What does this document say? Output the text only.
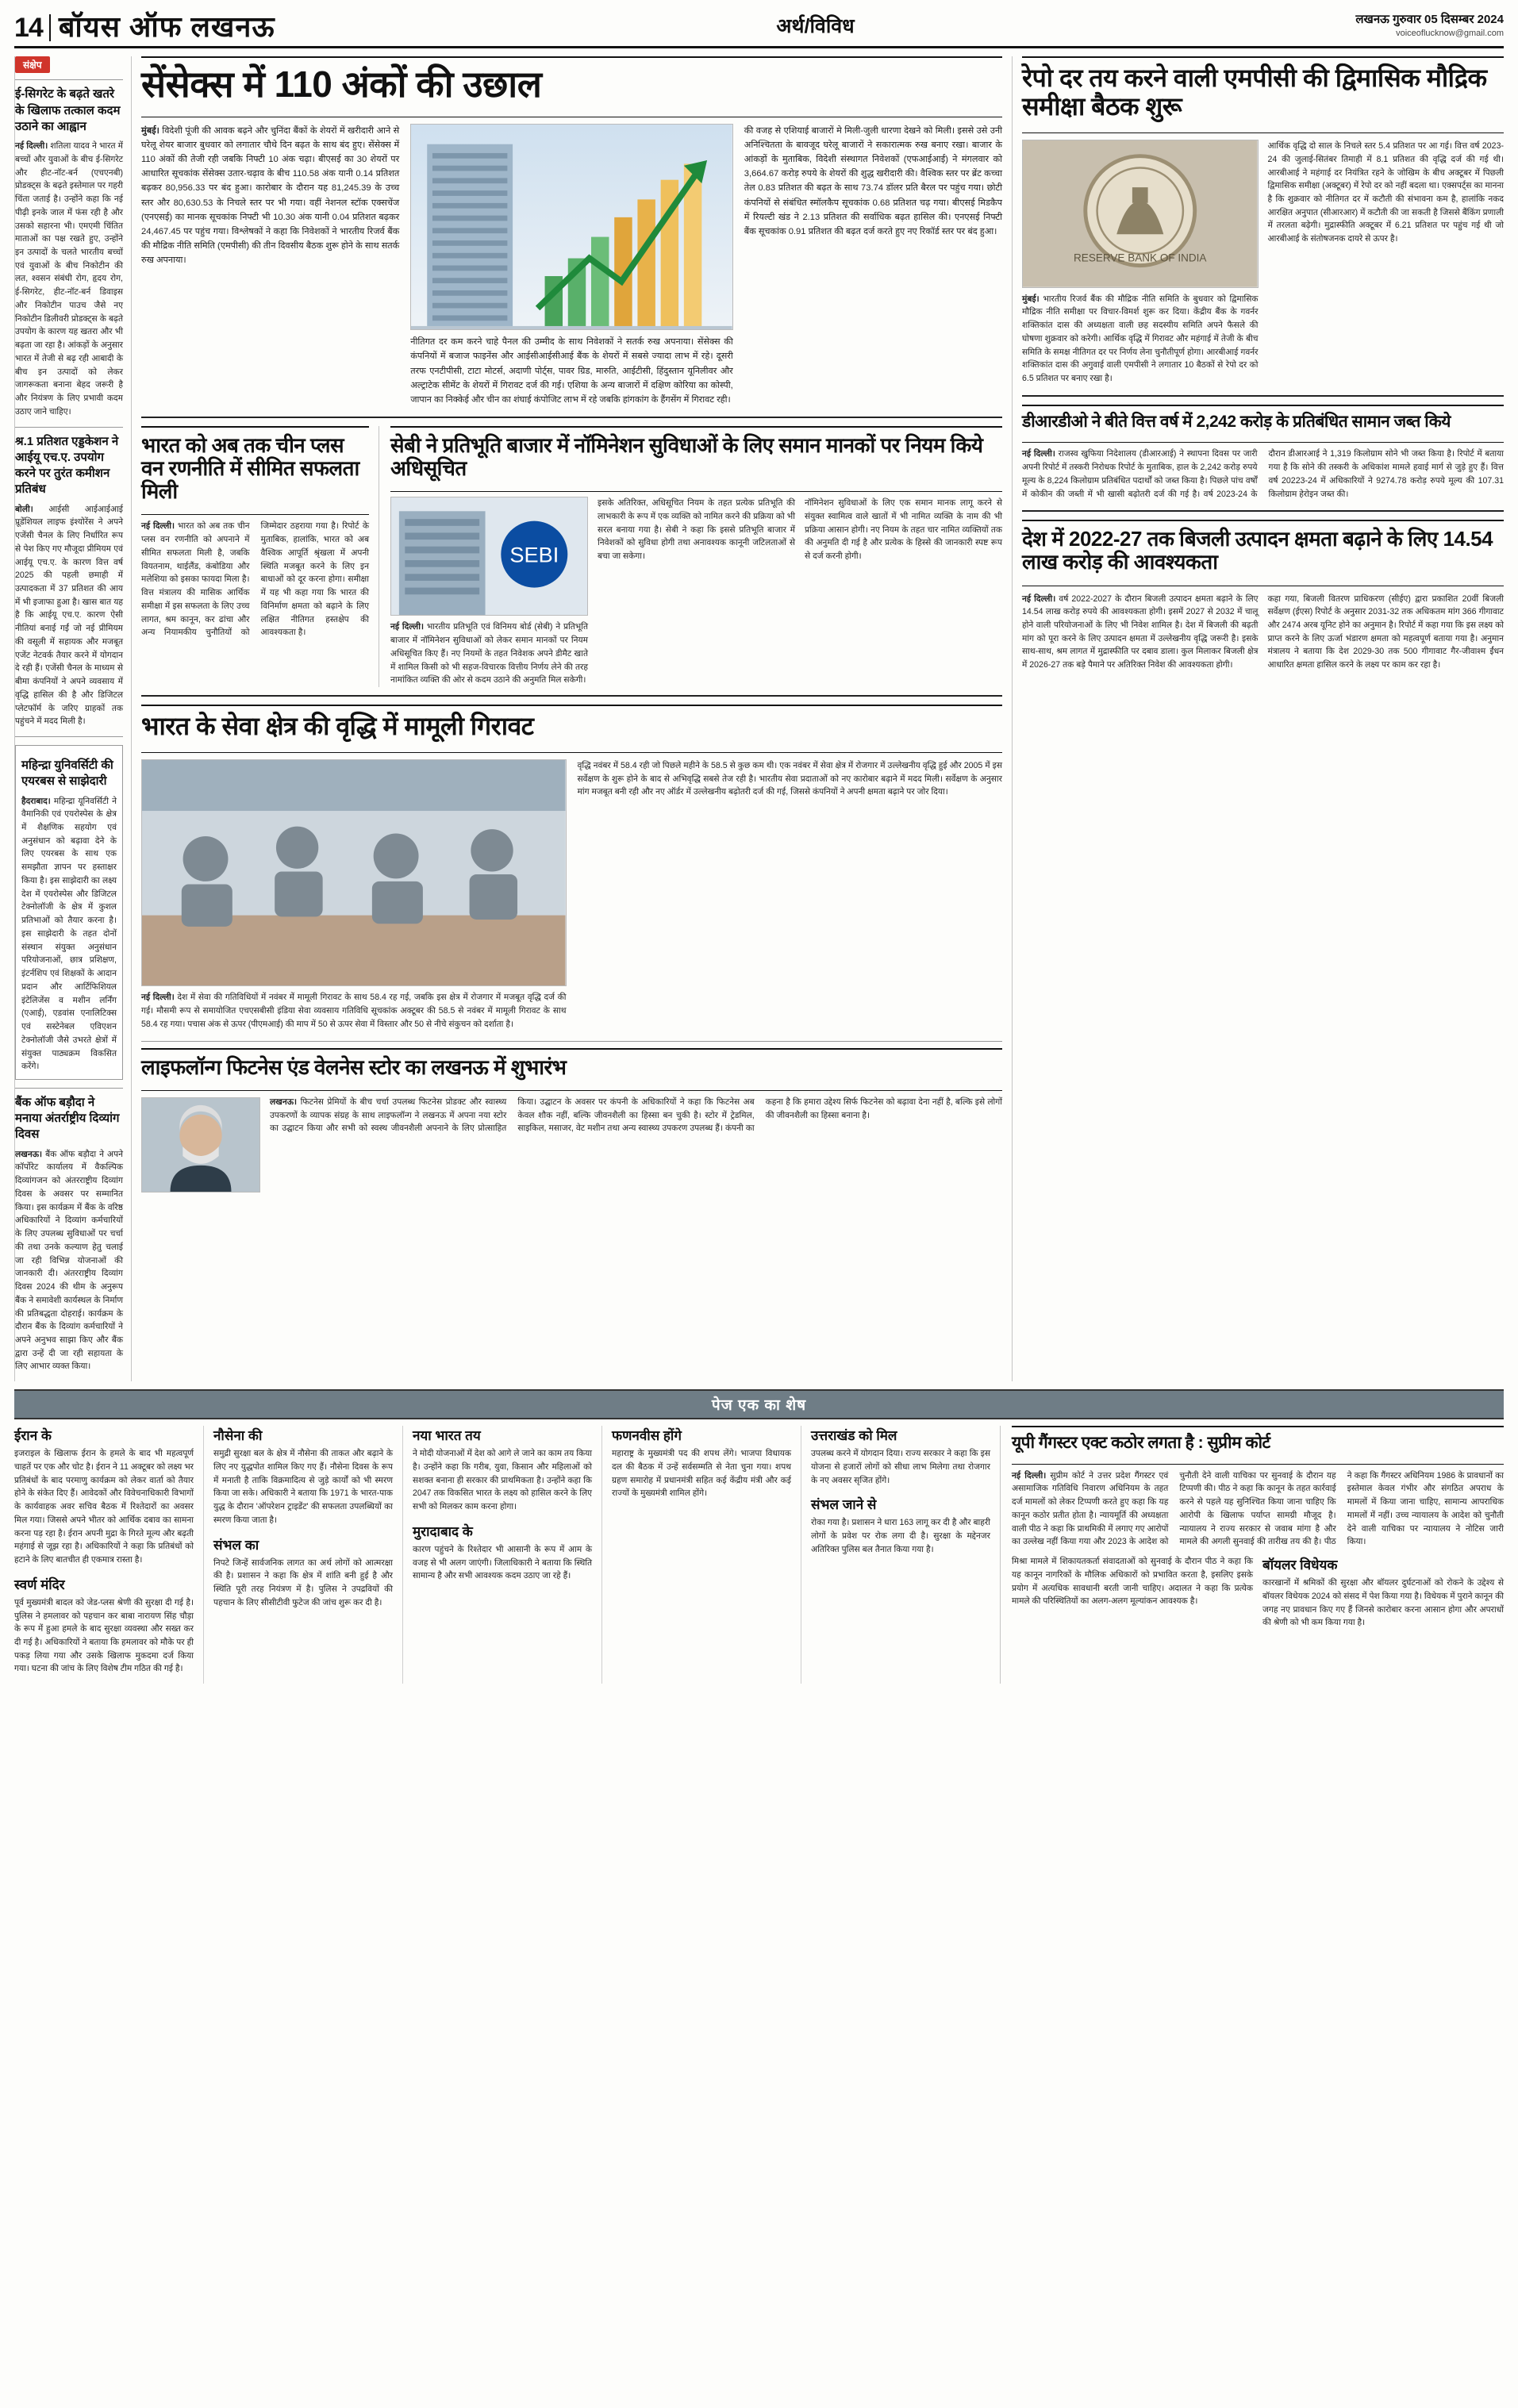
14 बॉयस ऑफ लखनऊ	अर्थ/विविध	लखनऊ गुरुवार 05 दिसम्बर 2024
voiceoflucknow@gmail.com
संक्षेप
ई-सिगरेट के बढ़ते खतरे के खिलाफ तत्काल कदम उठाने का आह्वान
नई दिल्ली। शतिला यादव ने भारत में बच्चों और युवाओं के बीच ई-सिगरेट और हीट-नॉट-बर्न (एचएनबी) प्रोडक्ट्स के बढ़ते इस्तेमाल पर गहरी चिंता जताई है। उन्होंने कहा कि नई पीढ़ी इनके जाल में फंस रही है और उसको सहारना भी। एमएमी चिंतित माताओं का पक्ष रखते हुए, उन्होंने इन उत्पादों के चलते भारतीय बच्चों एवं युवाओं के बीच निकोटीन की लत, श्वसन संबंधी रोग, हृदय रोग, ई-सिगरेट, हीट-नॉट-बर्न डिवाइस और निकोटीन पाउच जैसे नए निकोटीन डिलीवरी प्रोडक्ट्स के बढ़ते उपयोग के कारण यह खतरा और भी बढ़ता जा रहा है। आंकड़ों के अनुसार भारत में तेजी से बढ़ रही आबादी के बीच इन उत्पादों को लेकर जागरूकता बनाना बेहद जरूरी है और नियंत्रण के लिए प्रभावी कदम उठाए जाने चाहिए।
श्र.1 प्रतिशत एड्डकेशन ने आईयू एच.ए. उपयोग करने पर तुरंत कमीशन प्रतिबंध
बोली। आईसी आईआईआई प्रूडेंशियल लाइफ इंश्योरेंस ने अपने एजेंसी चैनल के लिए निर्धारित रूप से पेश किए गए मौजूदा प्रीमियम एवं आईयू एच.ए. के कारण वित्त वर्ष 2025 की पहली छमाही में उत्पादकता में 37 प्रतिशत की आय में भी इजाफा हुआ है। खास बात यह है कि आईयू एच.ए. कारण ऐसी नीतियां बनाई गईं जो नई प्रीमियम की वसूली में सहायक और मजबूत एजेंट नेटवर्क तैयार करने में योगदान दे रही हैं। एजेंसी चैनल के माध्यम से बीमा कंपनियों ने अपने व्यवसाय में वृद्धि हासिल की है और डिजिटल प्लेटफॉर्म के जरिए ग्राहकों तक पहुंचने में मदद मिली है।
महिन्द्रा युनिवर्सिटी की एयरबस से साझेदारी
हैदराबाद। महिन्द्रा यूनिवर्सिटी ने वैमानिकी एवं एयरोस्पेस के क्षेत्र में शैक्षणिक सहयोग एवं अनुसंधान को बढ़ावा देने के लिए एयरबस के साथ एक समझौता ज्ञापन पर हस्ताक्षर किया है। इस साझेदारी का लक्ष्य देश में एयरोस्पेस और डिजिटल टेक्नोलॉजी के क्षेत्र में कुशल प्रतिभाओं को तैयार करना है। इस साझेदारी के तहत दोनों संस्थान संयुक्त अनुसंधान परियोजनाओं, छात्र प्रशिक्षण, इंटर्नशिप एवं शिक्षकों के आदान प्रदान और आर्टिफिशियल इंटेलिजेंस व मशीन लर्निंग (एआई), एडवांस एनालिटिक्स एवं सस्टेनेबल एविएशन टेक्नोलॉजी जैसे उभरते क्षेत्रों में संयुक्त पाठ्यक्रम विकसित करेंगे।
बैंक ऑफ बड़ौदा ने मनाया अंतर्राष्ट्रीय दिव्यांग दिवस
लखनऊ। बैंक ऑफ बड़ौदा ने अपने कॉर्पोरेट कार्यालय में वैकल्पिक दिव्यांगजन को अंतरराष्ट्रीय दिव्यांग दिवस के अवसर पर सम्मानित किया। इस कार्यक्रम में बैंक के वरिष्ठ अधिकारियों ने दिव्यांग कर्मचारियों के लिए उपलब्ध सुविधाओं पर चर्चा की तथा उनके कल्याण हेतु चलाई जा रही विभिन्न योजनाओं की जानकारी दी। अंतरराष्ट्रीय दिव्यांग दिवस 2024 की थीम के अनुरूप बैंक ने समावेशी कार्यस्थल के निर्माण की प्रतिबद्धता दोहराई। कार्यक्रम के दौरान बैंक के दिव्यांग कर्मचारियों ने अपने अनुभव साझा किए और बैंक द्वारा उन्हें दी जा रही सहायता के लिए आभार व्यक्त किया।
सेंसेक्स में 110 अंकों की उछाल
मुंबई। विदेशी पूंजी की आवक बढ़ने और चुनिंदा बैंकों के शेयरों में खरीदारी आने से घरेलू शेयर बाजार बुधवार को लगातार चौथे दिन बढ़त के साथ बंद हुए। सेंसेक्स में 110 अंकों की तेजी रही जबकि निफ्टी 10 अंक चढ़ा। बीएसई का 30 शेयरों पर आधारित सूचकांक सेंसेक्स उतार-चढ़ाव के बीच 110.58 अंक यानी 0.14 प्रतिशत बढ़कर 80,956.33 पर बंद हुआ। कारोबार के दौरान यह 81,245.39 के उच्च स्तर और 80,630.53 के निचले स्तर पर भी गया। वहीं नेशनल स्टॉक एक्सचेंज (एनएसई) का मानक सूचकांक निफ्टी भी 10.30 अंक यानी 0.04 प्रतिशत बढ़कर 24,467.45 पर पहुंच गया। विश्लेषकों ने कहा कि निवेशकों ने भारतीय रिजर्व बैंक की मौद्रिक नीति समिति (एमपीसी) की तीन दिवसीय बैठक शुरू होने के साथ सतर्क रुख अपनाया।
नीतिगत दर कम करने चाहे पैनल की उम्मीद के साथ निवेशकों ने सतर्क रुख अपनाया। सेंसेक्स की कंपनियों में बजाज फाइनेंस और आईसीआईसीआई बैंक के शेयरों में सबसे ज्यादा लाभ में रहे। दूसरी तरफ एनटीपीसी, टाटा मोटर्स, अदाणी पोर्ट्स, पावर ग्रिड, मारुति, आईटीसी, हिंदुस्तान यूनिलीवर और अल्ट्राटेक सीमेंट के शेयरों में गिरावट दर्ज की गई। एशिया के अन्य बाजारों में दक्षिण कोरिया का कोस्पी, जापान का निक्केई और चीन का शंघाई कंपोजिट लाभ में रहे जबकि हांगकांग के हैंगसेंग में गिरावट रही।
की वजह से एशियाई बाजारों मे मिली-जुली धारणा देखने को मिली। इससे उसे उनी अनिश्चितता के बावजूद घरेलू बाजारों ने सकारात्मक रुख बनाए रखा। बाजार के आंकड़ों के मुताबिक, विदेशी संस्थागत निवेशकों (एफआईआई) ने मंगलवार को 3,664.67 करोड़ रुपये के शेयरों की शुद्ध खरीदारी की। वैश्विक स्तर पर ब्रेंट कच्चा तेल 0.83 प्रतिशत की बढ़त के साथ 73.74 डॉलर प्रति बैरल पर पहुंच गया। छोटी कंपनियों से संबंधित स्मॉलकैप सूचकांक 0.68 प्रतिशत चढ़ गया। बीएसई मिडकैप में रियल्टी खंड ने 2.13 प्रतिशत की सर्वाधिक बढ़त हासिल की। एनएसई निफ्टी बैंक सूचकांक 0.91 प्रतिशत की बढ़त दर्ज करते हुए नए रिकॉर्ड स्तर पर बंद हुआ।
भारत को अब तक चीन प्लस वन रणनीति में सीमित सफलता मिली
नई दिल्ली। भारत को अब तक चीन प्लस वन रणनीति को अपनाने में सीमित सफलता मिली है, जबकि वियतनाम, थाईलैंड, कंबोडिया और मलेशिया को इसका फायदा मिला है। वित्त मंत्रालय की मासिक आर्थिक समीक्षा में इस सफलता के लिए उच्च लागत, श्रम कानून, कर ढांचा और अन्य नियामकीय चुनौतियों को जिम्मेदार ठहराया गया है। रिपोर्ट के मुताबिक, हालांकि, भारत को अब वैश्विक आपूर्ति श्रृंखला में अपनी स्थिति मजबूत करने के लिए इन बाधाओं को दूर करना होगा। समीक्षा में यह भी कहा गया कि भारत की विनिर्माण क्षमता को बढ़ाने के लिए लक्षित नीतिगत हस्तक्षेप की आवश्यकता है।
सेबी ने प्रतिभूति बाजार में नॉमिनेशन सुविधाओं के लिए समान मानकों पर नियम किये अधिसूचित
SEBI
नई दिल्ली। भारतीय प्रतिभूति एवं विनिमय बोर्ड (सेबी) ने प्रतिभूति बाजार में नॉमिनेशन सुविधाओं को लेकर समान मानकों पर नियम अधिसूचित किए हैं। नए नियमों के तहत निवेशक अपने डीमैट खाते में शामिल किसी को भी सहज-विचारक वित्तीय निर्णय लेने की तरह नामांकित व्यक्ति की ओर से कदम उठाने की अनुमति मिल सकेगी।
इसके अतिरिक्त, अधिसूचित नियम के तहत प्रत्येक प्रतिभूति की लाभकारी के रूप में एक व्यक्ति को नामित करने की प्रक्रिया को भी सरल बनाया गया है। सेबी ने कहा कि इससे प्रतिभूति बाजार में निवेशकों को सुविधा होगी तथा अनावश्यक कानूनी जटिलताओं से बचा जा सकेगा।
नॉमिनेशन सुविधाओं के लिए एक समान मानक लागू करने से संयुक्त स्वामित्व वाले खातों में भी नामित व्यक्ति के नाम की भी प्रक्रिया आसान होगी। नए नियम के तहत चार नामित व्यक्तियों तक की अनुमति दी गई है और प्रत्येक के हिस्से की जानकारी स्पष्ट रूप से दर्ज करनी होगी।
भारत के सेवा क्षेत्र की वृद्धि में मामूली गिरावट
नई दिल्ली। देश में सेवा की गतिविधियों में नवंबर में मामूली गिरावट के साथ 58.4 रह गई, जबकि इस क्षेत्र में रोजगार में मजबूत वृद्धि दर्ज की गई। मौसमी रूप से समायोजित एचएसबीसी इंडिया सेवा व्यवसाय गतिविधि सूचकांक अक्टूबर की 58.5 से नवंबर में मामूली गिरावट के साथ 58.4 रह गया। पचास अंक से ऊपर (पीएमआई) की माप में 50 से ऊपर सेवा में विस्तार और 50 से नीचे संकुचन को दर्शाता है।
वृद्धि नवंबर में 58.4 रही जो पिछले महीने के 58.5 से कुछ कम थी। एक नवंबर में सेवा क्षेत्र में रोजगार में उल्लेखनीय वृद्धि हुई और 2005 में इस सर्वेक्षण के शुरू होने के बाद से अभिवृद्धि सबसे तेज रही है। भारतीय सेवा प्रदाताओं को नए कारोबार बढ़ाने में मदद मिली। सर्वेक्षण के अनुसार मांग मजबूत बनी रही और नए ऑर्डर में उल्लेखनीय बढ़ोतरी दर्ज की गई, जिससे कंपनियों ने अपनी क्षमता बढ़ाने पर जोर दिया।
लाइफलॉन्ग फिटनेस एंड वेलनेस स्टोर का लखनऊ में शुभारंभ
लखनऊ। फिटनेस प्रेमियों के बीच चर्चा उपलब्ध फिटनेस प्रोडक्ट और स्वास्थ्य उपकरणों के व्यापक संग्रह के साथ लाइफलॉन्ग ने लखनऊ में अपना नया स्टोर का उद्घाटन किया और सभी को स्वस्थ जीवनशैली अपनाने के लिए प्रोत्साहित किया। उद्घाटन के अवसर पर कंपनी के अधिकारियों ने कहा कि फिटनेस अब केवल शौक नहीं, बल्कि जीवनशैली का हिस्सा बन चुकी है। स्टोर में ट्रेडमिल, साइकिल, मसाजर, वेट मशीन तथा अन्य स्वास्थ्य उपकरण उपलब्ध हैं। कंपनी का कहना है कि हमारा उद्देश्य सिर्फ फिटनेस को बढ़ावा देना नहीं है, बल्कि इसे लोगों की जीवनशैली का हिस्सा बनाना है।
रेपो दर तय करने वाली एमपीसी की द्विमासिक मौद्रिक समीक्षा बैठक शुरू
RESERVE BANK OF INDIA
मुंबई। भारतीय रिजर्व बैंक की मौद्रिक नीति समिति के बुधवार को द्विमासिक मौद्रिक नीति समीक्षा पर विचार-विमर्श शुरू कर दिया। केंद्रीय बैंक के गवर्नर शक्तिकांत दास की अध्यक्षता वाली छह सदस्यीय समिति अपने फैसले की घोषणा शुक्रवार को करेगी। आर्थिक वृद्धि में गिरावट और महंगाई में तेजी के बीच समिति के समक्ष नीतिगत दर पर निर्णय लेना चुनौतीपूर्ण होगा। आरबीआई गवर्नर शक्तिकांत दास की अगुवाई वाली एमपीसी ने लगातार 10 बैठकों से रेपो दर को 6.5 प्रतिशत पर बनाए रखा है।
आर्थिक वृद्धि दो साल के निचले स्तर 5.4 प्रतिशत पर आ गई। वित्त वर्ष 2023-24 की जुलाई-सितंबर तिमाही में 8.1 प्रतिशत की वृद्धि दर्ज की गई थी। आरबीआई ने महंगाई दर नियंत्रित रहने के जोखिम के बीच अक्टूबर में पिछली द्विमासिक समीक्षा (अक्टूबर) में रेपो दर को नहीं बदला था। एक्सपर्ट्स का मानना है कि शुक्रवार को नीतिगत दर में कटौती की संभावना कम है, हालांकि नकद आरक्षित अनुपात (सीआरआर) में कटौती की जा सकती है जिससे बैंकिंग प्रणाली में तरलता बढ़ेगी। मुद्रास्फीति अक्टूबर में 6.21 प्रतिशत पर पहुंच गई थी जो आरबीआई के संतोषजनक दायरे से ऊपर है।
डीआरडीओ ने बीते वित्त वर्ष में 2,242 करोड़ के प्रतिबंधित सामान जब्त किये
नई दिल्ली। राजस्व खुफिया निदेशालय (डीआरआई) ने स्थापना दिवस पर जारी अपनी रिपोर्ट में तस्करी निरोधक रिपोर्ट के मुताबिक, हाल के 2,242 करोड़ रुपये मूल्य के 8,224 किलोग्राम प्रतिबंधित पदार्थों को जब्त किया है। पिछले पांच वर्षों में कोकीन की जब्ती में भी खासी बढ़ोतरी दर्ज की गई है। वर्ष 2023-24 के दौरान डीआरआई ने 1,319 किलोग्राम सोने भी जब्त किया है। रिपोर्ट में बताया गया है कि सोने की तस्करी के अधिकांश मामले हवाई मार्ग से जुड़े हुए हैं। वित्त वर्ष 20223-24 में अधिकारियों ने 9274.78 करोड़ रुपये मूल्य की 107.31 किलोग्राम हेरोइन जब्त की।
देश में 2022-27 तक बिजली उत्पादन क्षमता बढ़ाने के लिए 14.54 लाख करोड़ की आवश्यकता
नई दिल्ली। वर्ष 2022-2027 के दौरान बिजली उत्पादन क्षमता बढ़ाने के लिए 14.54 लाख करोड़ रुपये की आवश्यकता होगी। इसमें 2027 से 2032 में चालू होने वाली परियोजनाओं के लिए भी निवेश शामिल है। देश में बिजली की बढ़ती मांग को पूरा करने के लिए उत्पादन क्षमता में उल्लेखनीय वृद्धि जरूरी है। इसके साथ-साथ, श्रम लागत में मुद्रास्फीति पर दबाव डाला। कुल मिलाकर बिजली क्षेत्र में 2026-27 तक बड़े पैमाने पर अतिरिक्त निवेश की आवश्यकता होगी।
कहा गया, बिजली वितरण प्राधिकरण (सीईए) द्वारा प्रकाशित 20वीं बिजली सर्वेक्षण (ईएस) रिपोर्ट के अनुसार 2031-32 तक अधिकतम मांग 366 गीगावाट और 2474 अरब यूनिट होने का अनुमान है। रिपोर्ट में कहा गया कि इस लक्ष्य को प्राप्त करने के लिए ऊर्जा भंडारण क्षमता को महत्वपूर्ण बताया गया है। अनुमान मंत्रालय ने बताया कि देश 2029-30 तक 500 गीगावाट गैर-जीवाश्म ईंधन आधारित क्षमता हासिल करने के लक्ष्य पर काम कर रहा है।
पेज एक का शेष
ईरान के
इजराइल के खिलाफ ईरान के हमले के बाद भी महत्वपूर्ण चाहतें पर एक और चोट है। ईरान ने 11 अक्टूबर को लक्ष्य भर प्रतिबंधों के बाद परमाणु कार्यक्रम को लेकर वार्ता को तैयार होने के संकेत दिए हैं। आवेदकों और विवेचनाधिकारी विभागों के कार्यवाहक अवर सचिव बैठक में रिश्तेदारों का अवसर मिल गया। जिससे अपने भीतर को आर्थिक दबाव का सामना करना पड़ रहा है। ईरान अपनी मुद्रा के गिरते मूल्य और बढ़ती महंगाई से जूझ रहा है। अधिकारियों ने कहा कि प्रतिबंधों को हटाने के लिए बातचीत ही एकमात्र रास्ता है।
स्वर्ण मंदिर
पूर्व मुख्यमंत्री बादल को जेड-प्लस श्रेणी की सुरक्षा दी गई है। पुलिस ने हमलावर को पहचान कर बाबा नारायण सिंह चौड़ा के रूप में हुआ हमले के बाद सुरक्षा व्यवस्था और सख्त कर दी गई है। अधिकारियों ने बताया कि हमलावर को मौके पर ही पकड़ लिया गया और उसके खिलाफ मुकदमा दर्ज किया गया। घटना की जांच के लिए विशेष टीम गठित की गई है।
नौसेना की
समुद्री सुरक्षा बल के क्षेत्र में नौसेना की ताकत और बढ़ाने के लिए नए युद्धपोत शामिल किए गए हैं। नौसेना दिवस के रूप में मनाती है ताकि विक्रमादित्य से जुड़े कार्यों को भी स्मरण किया जा सके। अधिकारी ने बताया कि 1971 के भारत-पाक युद्ध के दौरान 'ऑपरेशन ट्राइडेंट' की सफलता उपलब्धियों का स्मरण किया जाता है।
संभल का
निपटे जिन्हें सार्वजनिक लागत का अर्थ लोगों को आत्मरक्षा की है। प्रशासन ने कहा कि क्षेत्र में शांति बनी हुई है और स्थिति पूरी तरह नियंत्रण में है। पुलिस ने उपद्रवियों की पहचान के लिए सीसीटीवी फुटेज की जांच शुरू कर दी है।
नया भारत तय
ने मोदी योजनाओं में देश को आगे ले जाने का काम तय किया है। उन्होंने कहा कि गरीब, युवा, किसान और महिलाओं को सशक्त बनाना ही सरकार की प्राथमिकता है। उन्होंने कहा कि 2047 तक विकसित भारत के लक्ष्य को हासिल करने के लिए सभी को मिलकर काम करना होगा।
मुरादाबाद के
कारण पहुंचने के रिश्तेदार भी आसानी के रूप में आम के वजह से भी अलग जाएंगी। जिलाधिकारी ने बताया कि स्थिति सामान्य है और सभी आवश्यक कदम उठाए जा रहे हैं।
फणनवीस होंगे
महाराष्ट्र के मुख्यमंत्री पद की शपथ लेंगे। भाजपा विधायक दल की बैठक में उन्हें सर्वसम्मति से नेता चुना गया। शपथ ग्रहण समारोह में प्रधानमंत्री सहित कई केंद्रीय मंत्री और कई राज्यों के मुख्यमंत्री शामिल होंगे।
उत्तराखंड को मिल
उपलब्ध करने में योगदान दिया। राज्य सरकार ने कहा कि इस योजना से हजारों लोगों को सीधा लाभ मिलेगा तथा रोजगार के नए अवसर सृजित होंगे।
संभल जाने से
रोका गया है। प्रशासन ने धारा 163 लागू कर दी है और बाहरी लोगों के प्रवेश पर रोक लगा दी है। सुरक्षा के मद्देनजर अतिरिक्त पुलिस बल तैनात किया गया है।
यूपी गैंगस्टर एक्ट कठोर लगता है : सुप्रीम कोर्ट
नई दिल्ली। सुप्रीम कोर्ट ने उत्तर प्रदेश गैंगस्टर एवं असामाजिक गतिविधि निवारण अधिनियम के तहत दर्ज मामलों को लेकर टिप्पणी करते हुए कहा कि यह कानून कठोर प्रतीत होता है। न्यायमूर्ति की अध्यक्षता वाली पीठ ने कहा कि प्राथमिकी में लगाए गए आरोपों का उल्लेख नहीं किया गया और 2023 के आदेश को चुनौती देने वाली याचिका पर सुनवाई के दौरान यह टिप्पणी की। पीठ ने कहा कि कानून के तहत कार्रवाई करने से पहले यह सुनिश्चित किया जाना चाहिए कि आरोपी के खिलाफ पर्याप्त सामग्री मौजूद है। न्यायालय ने राज्य सरकार से जवाब मांगा है और मामले की अगली सुनवाई की तारीख तय की है। पीठ ने कहा कि गैंगस्टर अधिनियम 1986 के प्रावधानों का इस्तेमाल केवल गंभीर और संगठित अपराध के मामलों में किया जाना चाहिए, सामान्य आपराधिक मामलों में नहीं। उच्च न्यायालय के आदेश को चुनौती देने वाली याचिका पर न्यायालय ने नोटिस जारी किया।
मिश्रा मामले में शिकायतकर्ता संवादताओं को सुनवाई के दौरान पीठ ने कहा कि यह कानून नागरिकों के मौलिक अधिकारों को प्रभावित करता है, इसलिए इसके प्रयोग में अत्यधिक सावधानी बरती जानी चाहिए। अदालत ने कहा कि प्रत्येक मामले की परिस्थितियों का अलग-अलग मूल्यांकन आवश्यक है।
बॉयलर विधेयक
कारखानों में श्रमिकों की सुरक्षा और बॉयलर दुर्घटनाओं को रोकने के उद्देश्य से बॉयलर विधेयक 2024 को संसद में पेश किया गया है। विधेयक में पुराने कानून की जगह नए प्रावधान किए गए हैं जिनसे कारोबार करना आसान होगा और अपराधों की श्रेणी को भी कम किया गया है।
